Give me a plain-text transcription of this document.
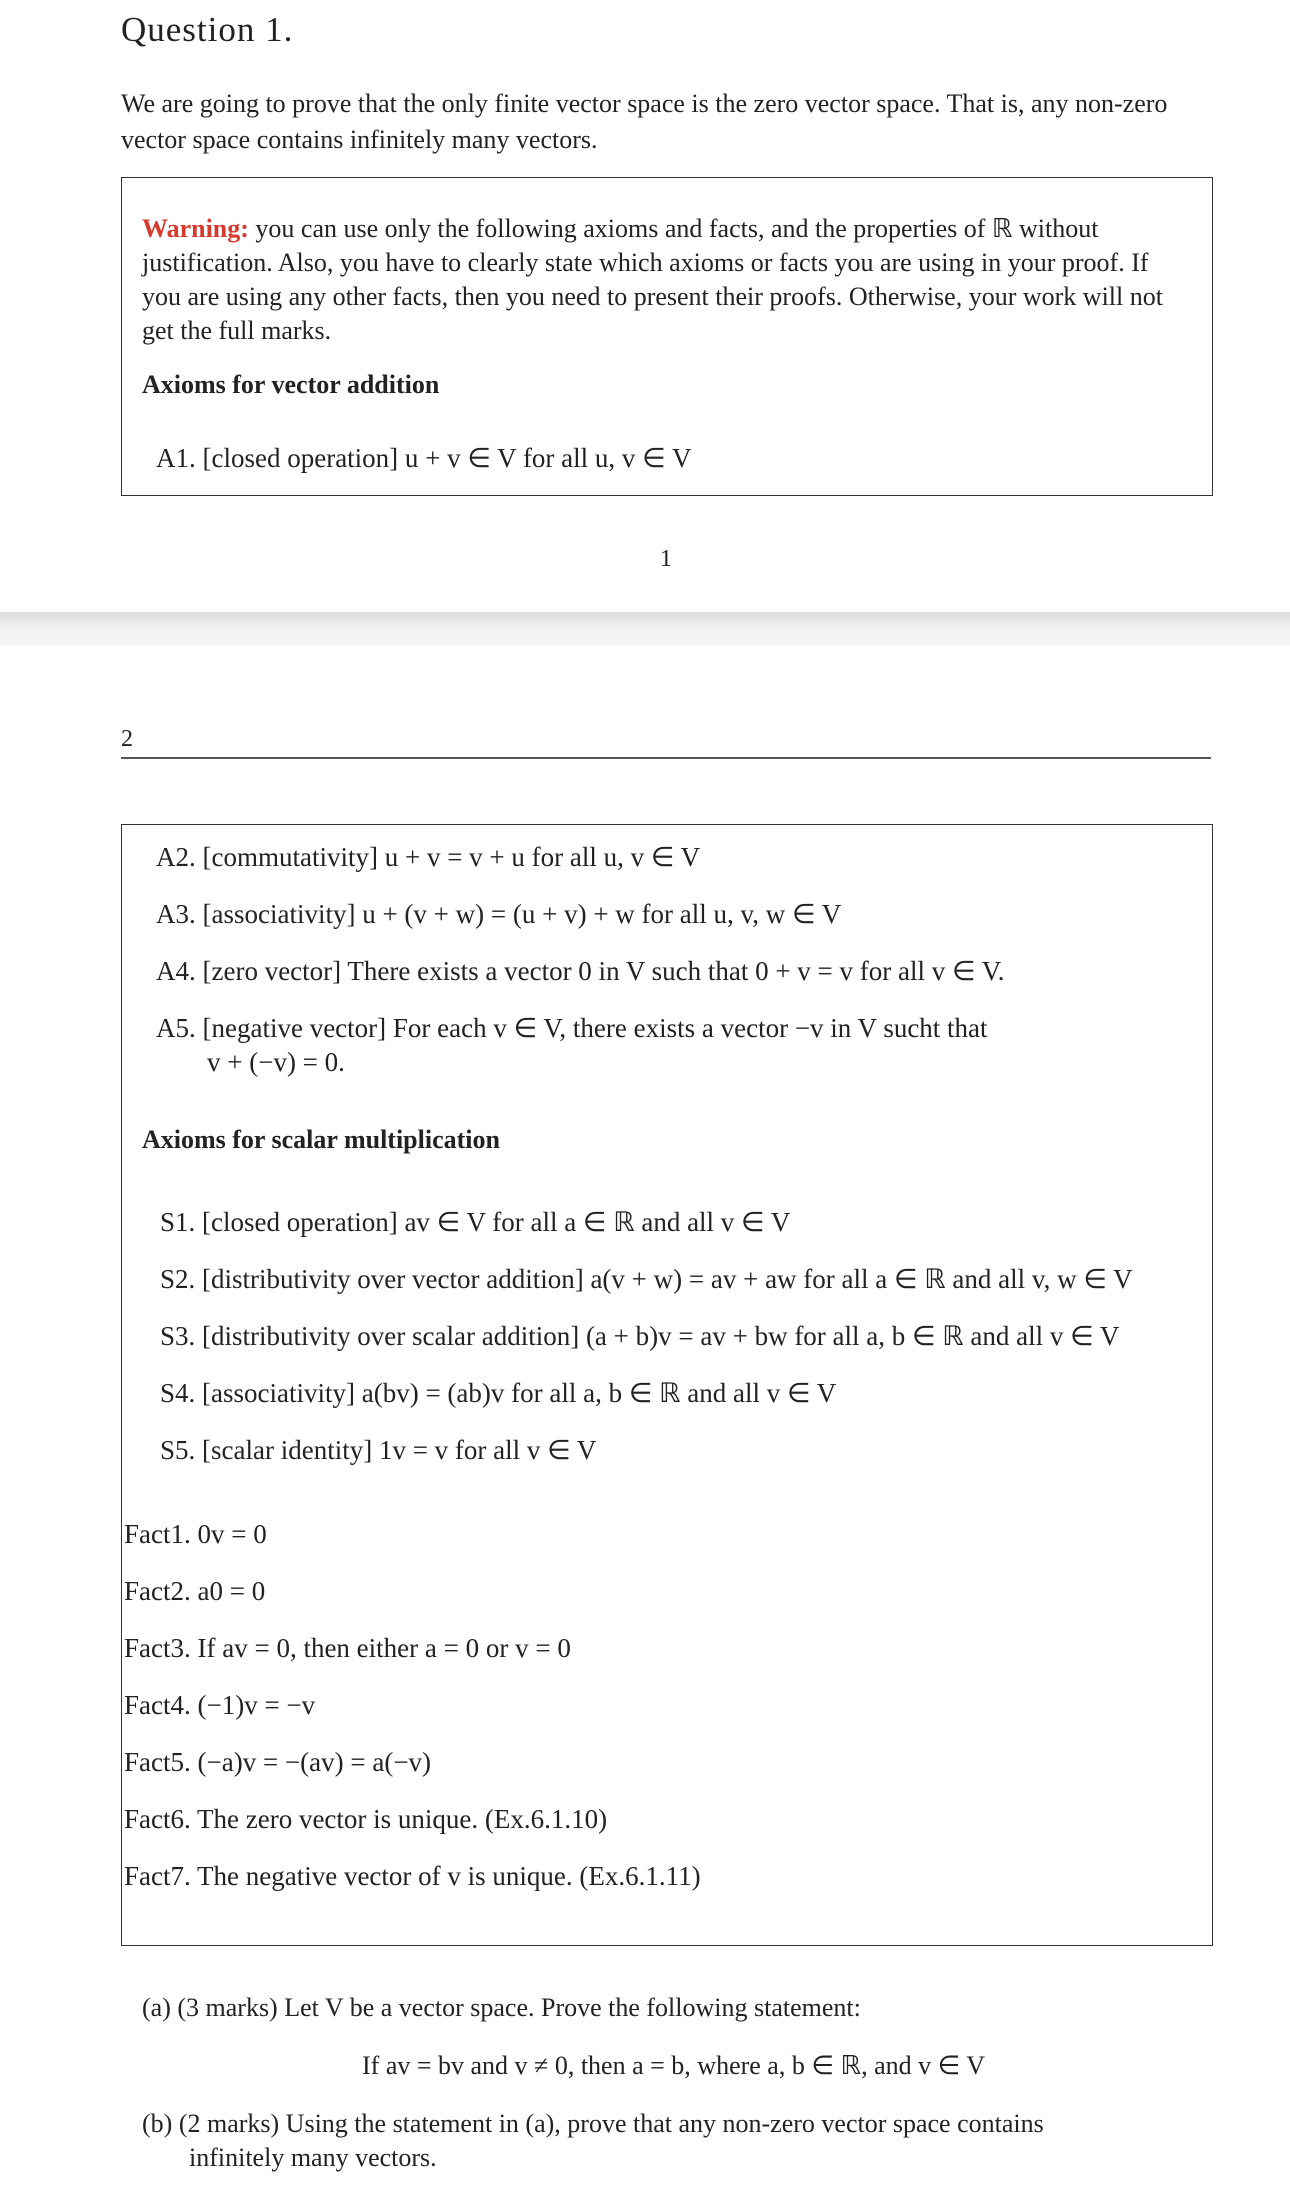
Question 1.
We are going to prove that the only finite vector space is the zero vector space. That is, any non-zero vector space contains infinitely many vectors.
Warning: you can use only the following axioms and facts, and the properties of ℝ without justification. Also, you have to clearly state which axioms or facts you are using in your proof. If you are using any other facts, then you need to present their proofs. Otherwise, your work will not get the full marks.
Axioms for vector addition
A1. [closed operation] u + v ∈ V for all u, v ∈ V
1
2
A2. [commutativity] u + v = v + u for all u, v ∈ V
A3. [associativity] u + (v + w) = (u + v) + w for all u, v, w ∈ V
A4. [zero vector] There exists a vector 0 in V such that 0 + v = v for all v ∈ V.
A5. [negative vector] For each v ∈ V, there exists a vector −v in V sucht that
v + (−v) = 0.
Axioms for scalar multiplication
S1. [closed operation] av ∈ V for all a ∈ ℝ and all v ∈ V
S2. [distributivity over vector addition] a(v + w) = av + aw for all a ∈ ℝ and all v, w ∈ V
S3. [distributivity over scalar addition] (a + b)v = av + bw for all a, b ∈ ℝ and all v ∈ V
S4. [associativity] a(bv) = (ab)v for all a, b ∈ ℝ and all v ∈ V
S5. [scalar identity] 1v = v for all v ∈ V
Fact1. 0v = 0
Fact2. a0 = 0
Fact3. If av = 0, then either a = 0 or v = 0
Fact4. (−1)v = −v
Fact5. (−a)v = −(av) = a(−v)
Fact6. The zero vector is unique. (Ex.6.1.10)
Fact7. The negative vector of v is unique. (Ex.6.1.11)
(a) (3 marks) Let V be a vector space. Prove the following statement:
If av = bv and v ≠ 0, then a = b, where a, b ∈ ℝ, and v ∈ V
(b) (2 marks) Using the statement in (a), prove that any non-zero vector space contains
infinitely many vectors.
